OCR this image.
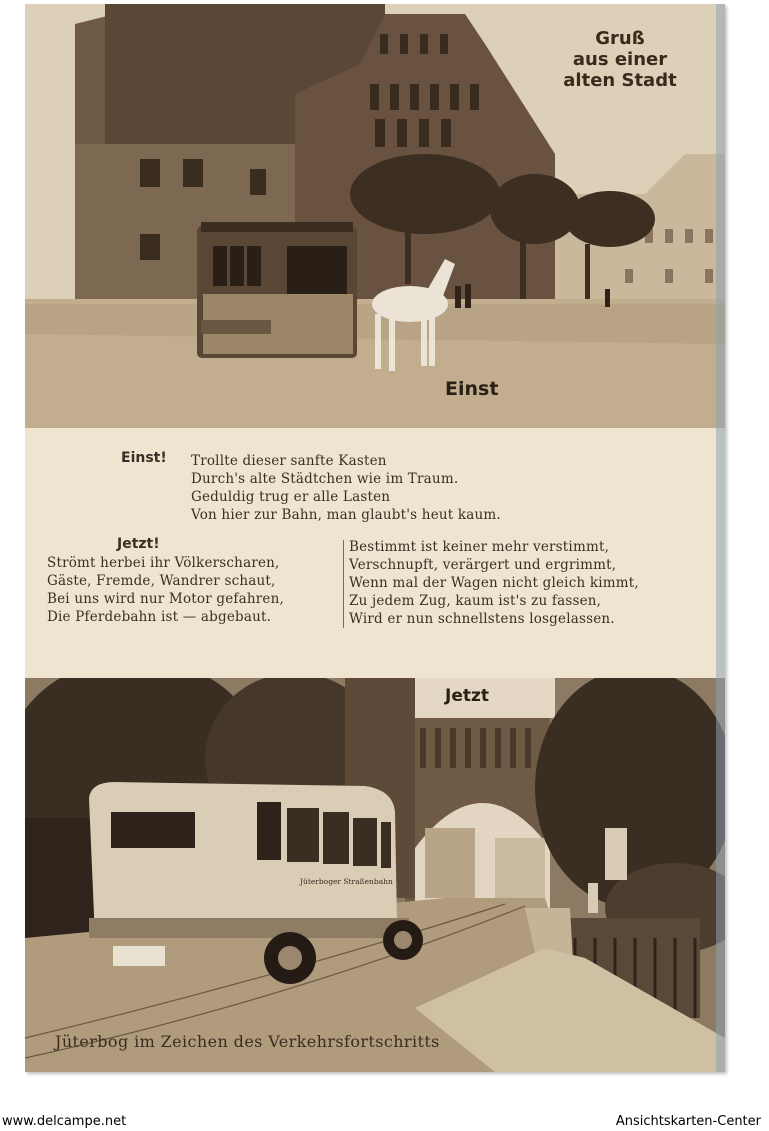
Gruß
aus einer
alten Stadt
Einst
Einst! Trollte dieser sanfte Kasten
Durch's alte Städtchen wie im Traum.
Geduldig trug er alle Lasten
Von hier zur Bahn, man glaubt's heut kaum.
Jetzt!
Strömt herbei ihr Völkerscharen,
Gäste, Fremde, Wandrer schaut,
Bei uns wird nur Motor gefahren,
Die Pferdebahn ist — abgebaut.
Bestimmt ist keiner mehr verstimmt,
Verschnupft, verärgert und ergrimmt,
Wenn mal der Wagen nicht gleich kimmt,
Zu jedem Zug, kaum ist's zu fassen,
Wird er nun schnellstens losgelassen.
Jüterboger Straßenbahn
Jetzt
Jüterbog im Zeichen des Verkehrsfortschritts
www.delcampe.net	Ansichtskarten-Center
